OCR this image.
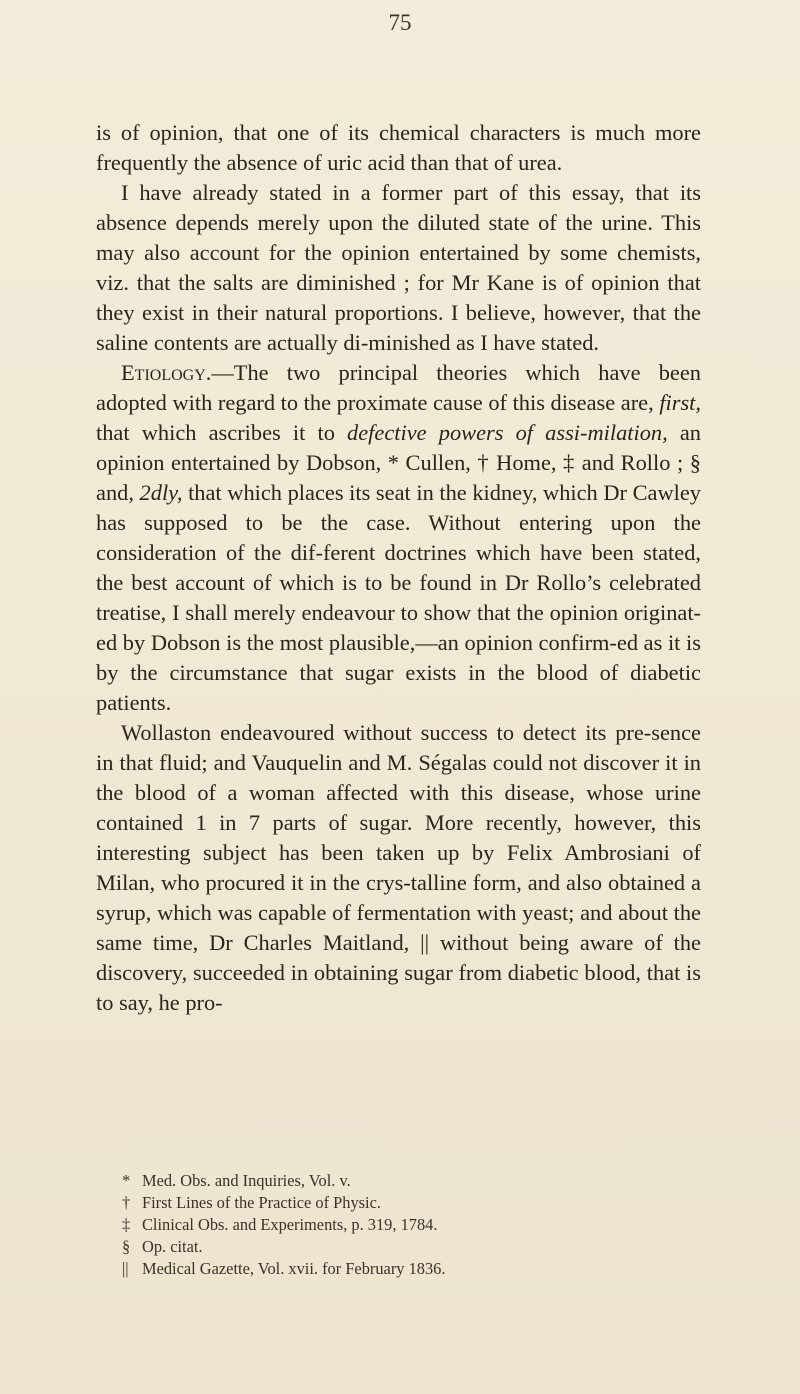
75

is of opinion, that one of its chemical characters is much more frequently the absence of uric acid than that of urea.

I have already stated in a former part of this essay, that its absence depends merely upon the diluted state of the urine. This may also account for the opinion entertained by some chemists, viz. that the salts are diminished ; for Mr Kane is of opinion that they exist in their natural proportions. I believe, however, that the saline contents are actually di-minished as I have stated.

Etiology.—The two principal theories which have been adopted with regard to the proximate cause of this disease are, first, that which ascribes it to defective powers of assi-milation, an opinion entertained by Dobson, * Cullen, † Home, ‡ and Rollo ; § and, 2dly, that which places its seat in the kidney, which Dr Cawley has supposed to be the case. Without entering upon the consideration of the dif-ferent doctrines which have been stated, the best account of which is to be found in Dr Rollo’s celebrated treatise, I shall merely endeavour to show that the opinion originat-ed by Dobson is the most plausible,—an opinion confirm-ed as it is by the circumstance that sugar exists in the blood of diabetic patients.

Wollaston endeavoured without success to detect its pre-sence in that fluid; and Vauquelin and M. Ségalas could not discover it in the blood of a woman affected with this disease, whose urine contained 1 in 7 parts of sugar. More recently, however, this interesting subject has been taken up by Felix Ambrosiani of Milan, who procured it in the crys-talline form, and also obtained a syrup, which was capable of fermentation with yeast; and about the same time, Dr Charles Maitland, || without being aware of the discovery, succeeded in obtaining sugar from diabetic blood, that is to say, he pro-

* Med. Obs. and Inquiries, Vol. v.
† First Lines of the Practice of Physic.
‡ Clinical Obs. and Experiments, p. 319, 1784.
§ Op. citat.
|| Medical Gazette, Vol. xvii. for February 1836.
